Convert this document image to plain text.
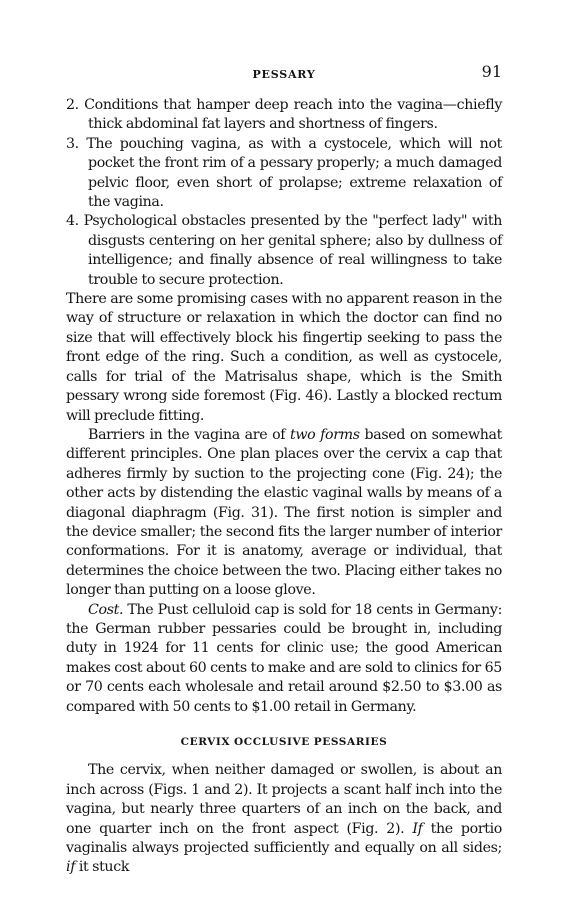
PESSARY	91

2. Conditions that hamper deep reach into the vagina—chiefly thick abdominal fat layers and shortness of fingers.

3. The pouching vagina, as with a cystocele, which will not pocket the front rim of a pessary properly; a much damaged pelvic floor, even short of prolapse; extreme relaxation of the vagina.

4. Psychological obstacles presented by the "perfect lady" with disgusts centering on her genital sphere; also by dullness of intelligence; and finally absence of real willingness to take trouble to secure protection.

There are some promising cases with no apparent reason in the way of structure or relaxation in which the doctor can find no size that will effectively block his fingertip seeking to pass the front edge of the ring. Such a condition, as well as cystocele, calls for trial of the Matrisalus shape, which is the Smith pessary wrong side foremost (Fig. 46). Lastly a blocked rectum will preclude fitting.

Barriers in the vagina are of two forms based on somewhat different principles. One plan places over the cervix a cap that adheres firmly by suction to the projecting cone (Fig. 24); the other acts by distending the elastic vaginal walls by means of a diagonal diaphragm (Fig. 31). The first notion is simpler and the device smaller; the second fits the larger number of interior conformations. For it is anatomy, average or individual, that determines the choice between the two. Placing either takes no longer than putting on a loose glove.

Cost. The Pust celluloid cap is sold for 18 cents in Germany: the German rubber pessaries could be brought in, including duty in 1924 for 11 cents for clinic use; the good American makes cost about 60 cents to make and are sold to clinics for 65 or 70 cents each wholesale and retail around $2.50 to $3.00 as compared with 50 cents to $1.00 retail in Germany.

CERVIX OCCLUSIVE PESSARIES

The cervix, when neither damaged or swollen, is about an inch across (Figs. 1 and 2). It projects a scant half inch into the vagina, but nearly three quarters of an inch on the back, and one quarter inch on the front aspect (Fig. 2). If the portio vaginalis always projected sufficiently and equally on all sides; if it stuck
